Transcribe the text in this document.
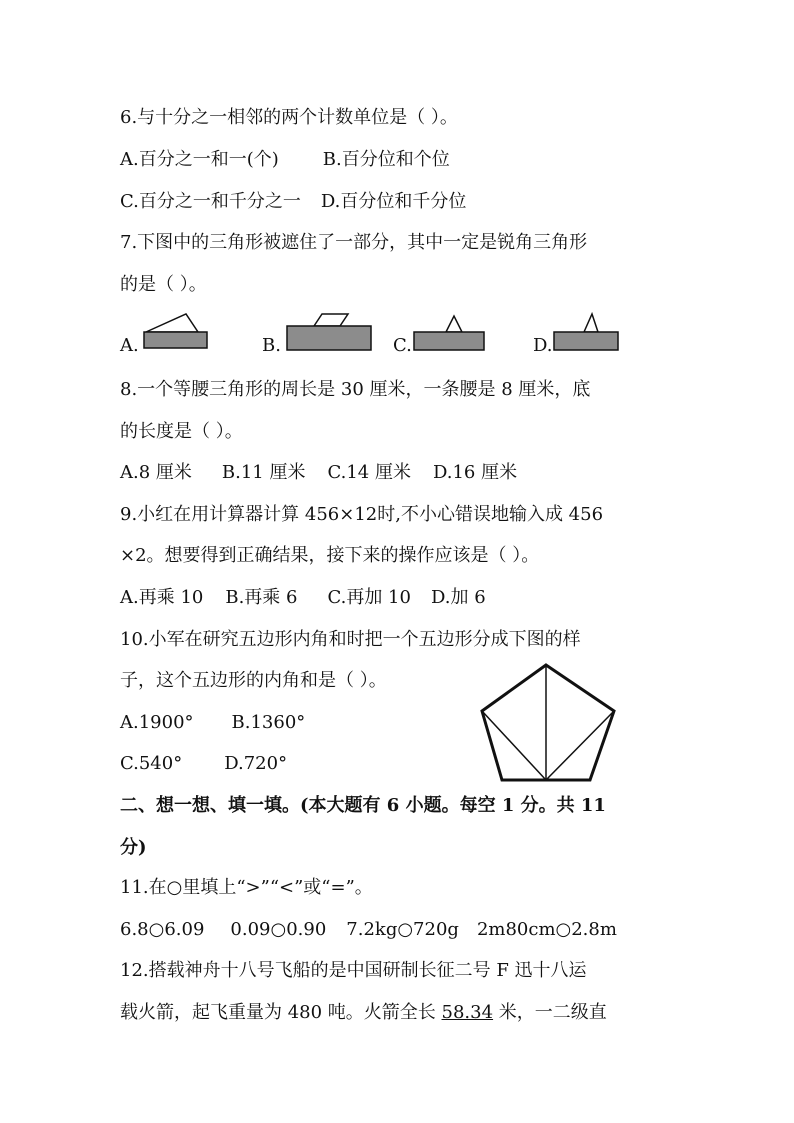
6.与十分之一相邻的两个计数单位是（ ）。
A.百分之一和一(个) B.百分位和个位
C.百分之一和千分之一 D.百分位和千分位
7.下图中的三角形被遮住了一部分，其中一定是锐角三角形
的是（ ）。
A.	B.	C.	D.
8.一个等腰三角形的周长是 30 厘米，一条腰是 8 厘米，底
的长度是（ ）。
A.8 厘米 B.11 厘米 C.14 厘米 D.16 厘米
9.小红在用计算器计算 456×12时,不小心错误地输入成 456
×2。想要得到正确结果，接下来的操作应该是（ ）。
A.再乘 10 B.再乘 6 C.再加 10 D.加 6
10.小军在研究五边形内角和时把一个五边形分成下图的样
子，这个五边形的内角和是（ ）。
A.1900° B.1360°
C.540° D.720°
二、想一想、填一填。(本大题有 6 小题。每空 1 分。共 11
分)
11.在○里填上“>”“<”或“=”。
6.8○6.09 0.09○0.90 7.2kg○720g 2m80cm○2.8m
12.搭载神舟十八号飞船的是中国研制长征二号 F 迅十八运
载火箭，起飞重量为 480 吨。火箭全长 58.34 米，一二级直
